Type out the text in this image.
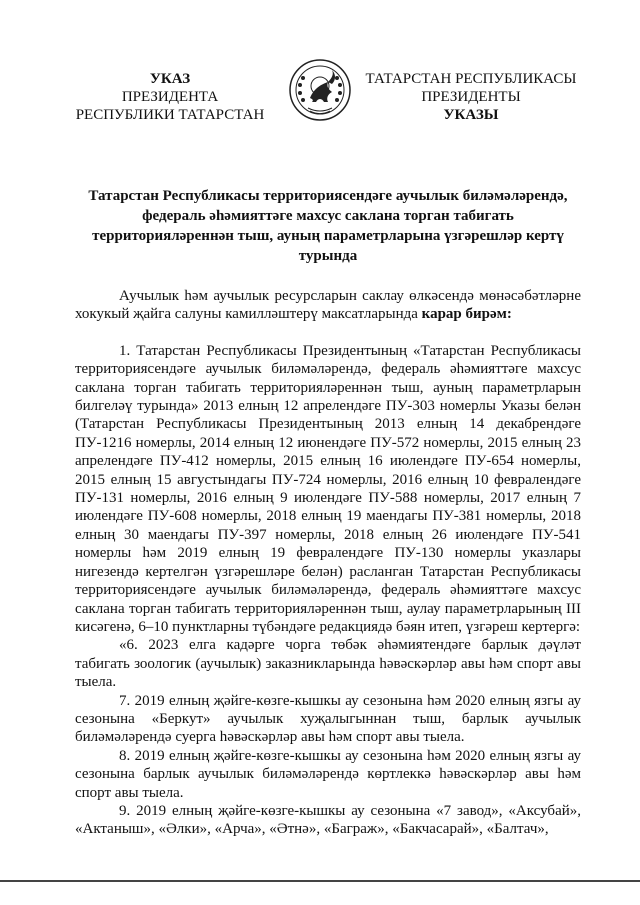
УКАЗ
ПРЕЗИДЕНТА
РЕСПУБЛИКИ ТАТАРСТАН
ТАТАРСТАН РЕСПУБЛИКАСЫ
ПРЕЗИДЕНТЫ
УКАЗЫ
Татарстан Республикасы территориясендәге аучылык биләмәләрендә, федераль әһәмияттәге махсус саклана торган табигать территорияләреннән тыш, ауның параметрларына үзгәрешләр кертү турында

Аучылык һәм аучылык ресурсларын саклау өлкәсендә мөнәсәбәтләрне хокукый җайга салуны камилләштерү максатларында карар бирәм:

1. Татарстан Республикасы Президентының «Татарстан Республикасы территориясендәге аучылык биләмәләрендә, федераль әһәмияттәге махсус саклана торган табигать территорияләреннән тыш, ауның параметрларын билгеләү турында» 2013 елның 12 апрелендәге ПУ-303 номерлы Указы белән (Татарстан Республикасы Президентының 2013 елның 14 декабрендәге ПУ-1216 номерлы, 2014 елның 12 июнендәге ПУ-572 номерлы, 2015 елның 23 апрелендәге ПУ-412 номерлы, 2015 елның 16 июлендәге ПУ-654 номерлы, 2015 елның 15 августындагы ПУ-724 номерлы, 2016 елның 10 февралендәге ПУ-131 номерлы, 2016 елның 9 июлендәге ПУ-588 номерлы, 2017 елның 7 июлендәге ПУ-608 номерлы, 2018 елның 19 маендагы ПУ-381 номерлы, 2018 елның 30 маендагы ПУ-397 номерлы, 2018 елның 26 июлендәге ПУ-541 номерлы һәм 2019 елның 19 февралендәге ПУ-130 номерлы указлары нигезендә кертелгән үзгәрешләре белән) расланган Татарстан Республикасы территориясендәге аучылык биләмәләрендә, федераль әһәмияттәге махсус саклана торган табигать территорияләреннән тыш, аулау параметрларының III кисәгенә, 6–10 пунктларны түбәндәге редакциядә бәян итеп, үзгәреш кертергә:

«6. 2023 елга кадәрге чорга төбәк әһәмиятендәге барлык дәүләт табигать зоологик (аучылык) заказникларында һәвәскәрләр авы һәм спорт авы тыела.

7. 2019 елның җәйге-көзге-кышкы ау сезонына һәм 2020 елның язгы ау сезонына «Беркут» аучылык хуҗалыгыннан тыш, барлык аучылык биләмәләрендә суерга һәвәскәрләр авы һәм спорт авы тыела.

8. 2019 елның җәйге-көзге-кышкы ау сезонына һәм 2020 елның язгы ау сезонына барлык аучылык биләмәләрендә көртлеккә һәвәскәрләр авы һәм спорт авы тыела.

9. 2019 елның җәйге-көзге-кышкы ау сезонына «7 завод», «Аксубай», «Актаныш», «Әлки», «Арча», «Әтнә», «Баграж», «Бакчасарай», «Балтач»,
